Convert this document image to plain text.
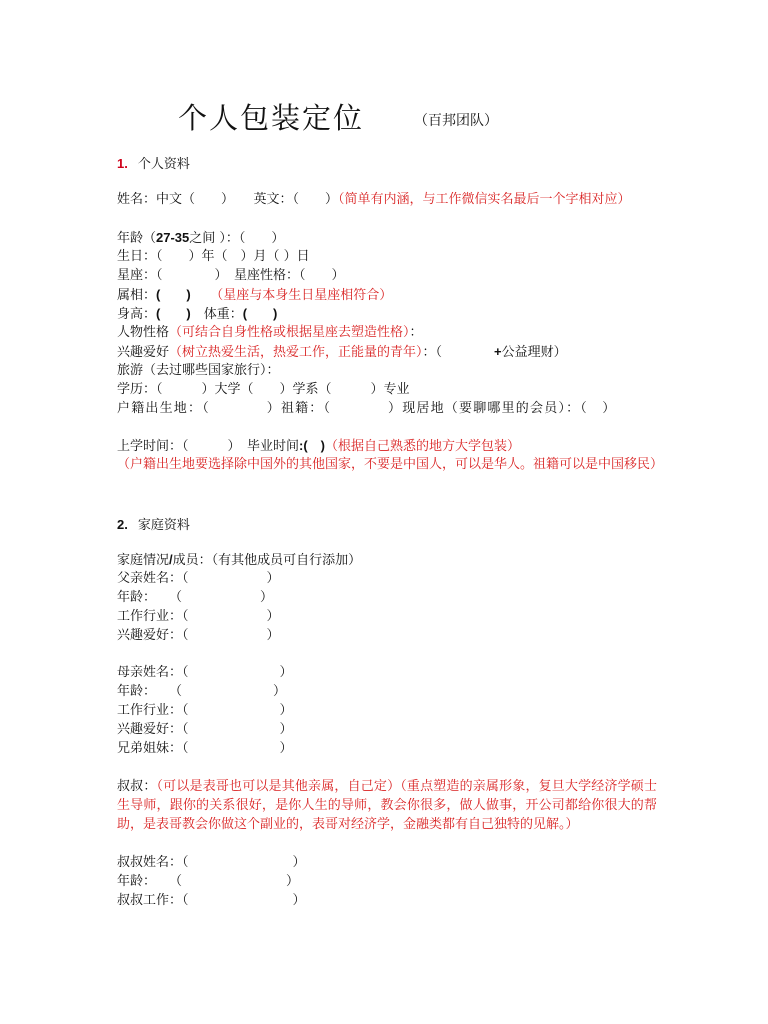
个人包装定位	（百邦团队）
1. 个人资料
姓名：中文（　　）　　英文：（　　）（简单有内涵，与工作微信实名最后一个字相对应）
年龄（27-35之间 ）：（　　）
生日：（　　）年（　）月（ ）日
星座：（　　　　）　星座性格：（　　）
属相：(　　)　　 （星座与本身生日星座相符合）
身高：(　　)　体重：(　　)
人物性格（可结合自身性格或根据星座去塑造性格）：
兴趣爱好（树立热爱生活，热爱工作，正能量的青年）：（　　　　+公益理财）
旅游（去过哪些国家旅行）：
学历：（　　　）大学（　　）学系（　　　）专业
户籍出生地：（　　　　）祖籍：（　　　　）现居地（要聊哪里的会员）：（　）
上学时间：（　　　）　毕业时间:(　)（根据自己熟悉的地方大学包装）
（户籍出生地要选择除中国外的其他国家，不要是中国人，可以是华人。祖籍可以是中国移民）
2. 家庭资料
家庭情况/成员：（有其他成员可自行添加）
父亲姓名：（　　　　　　）
年龄：　　（　　　　　　）
工作行业：（　　　　　　）
兴趣爱好：（　　　　　　）
母亲姓名：（　　　　　　　）
年龄：　　（　　　　　　　）
工作行业：（　　　　　　　）
兴趣爱好：（　　　　　　　）
兄弟姐妹：（　　　　　　　）
叔叔：（可以是表哥也可以是其他亲属，自己定）（重点塑造的亲属形象，复旦大学经济学硕士生导师，跟你的关系很好，是你人生的导师，教会你很多，做人做事，开公司都给你很大的帮助，是表哥教会你做这个副业的，表哥对经济学，金融类都有自己独特的见解。）
叔叔姓名：（　　　　　　　　）
年龄：　　（　　　　　　　　）
叔叔工作：（　　　　　　　　）
